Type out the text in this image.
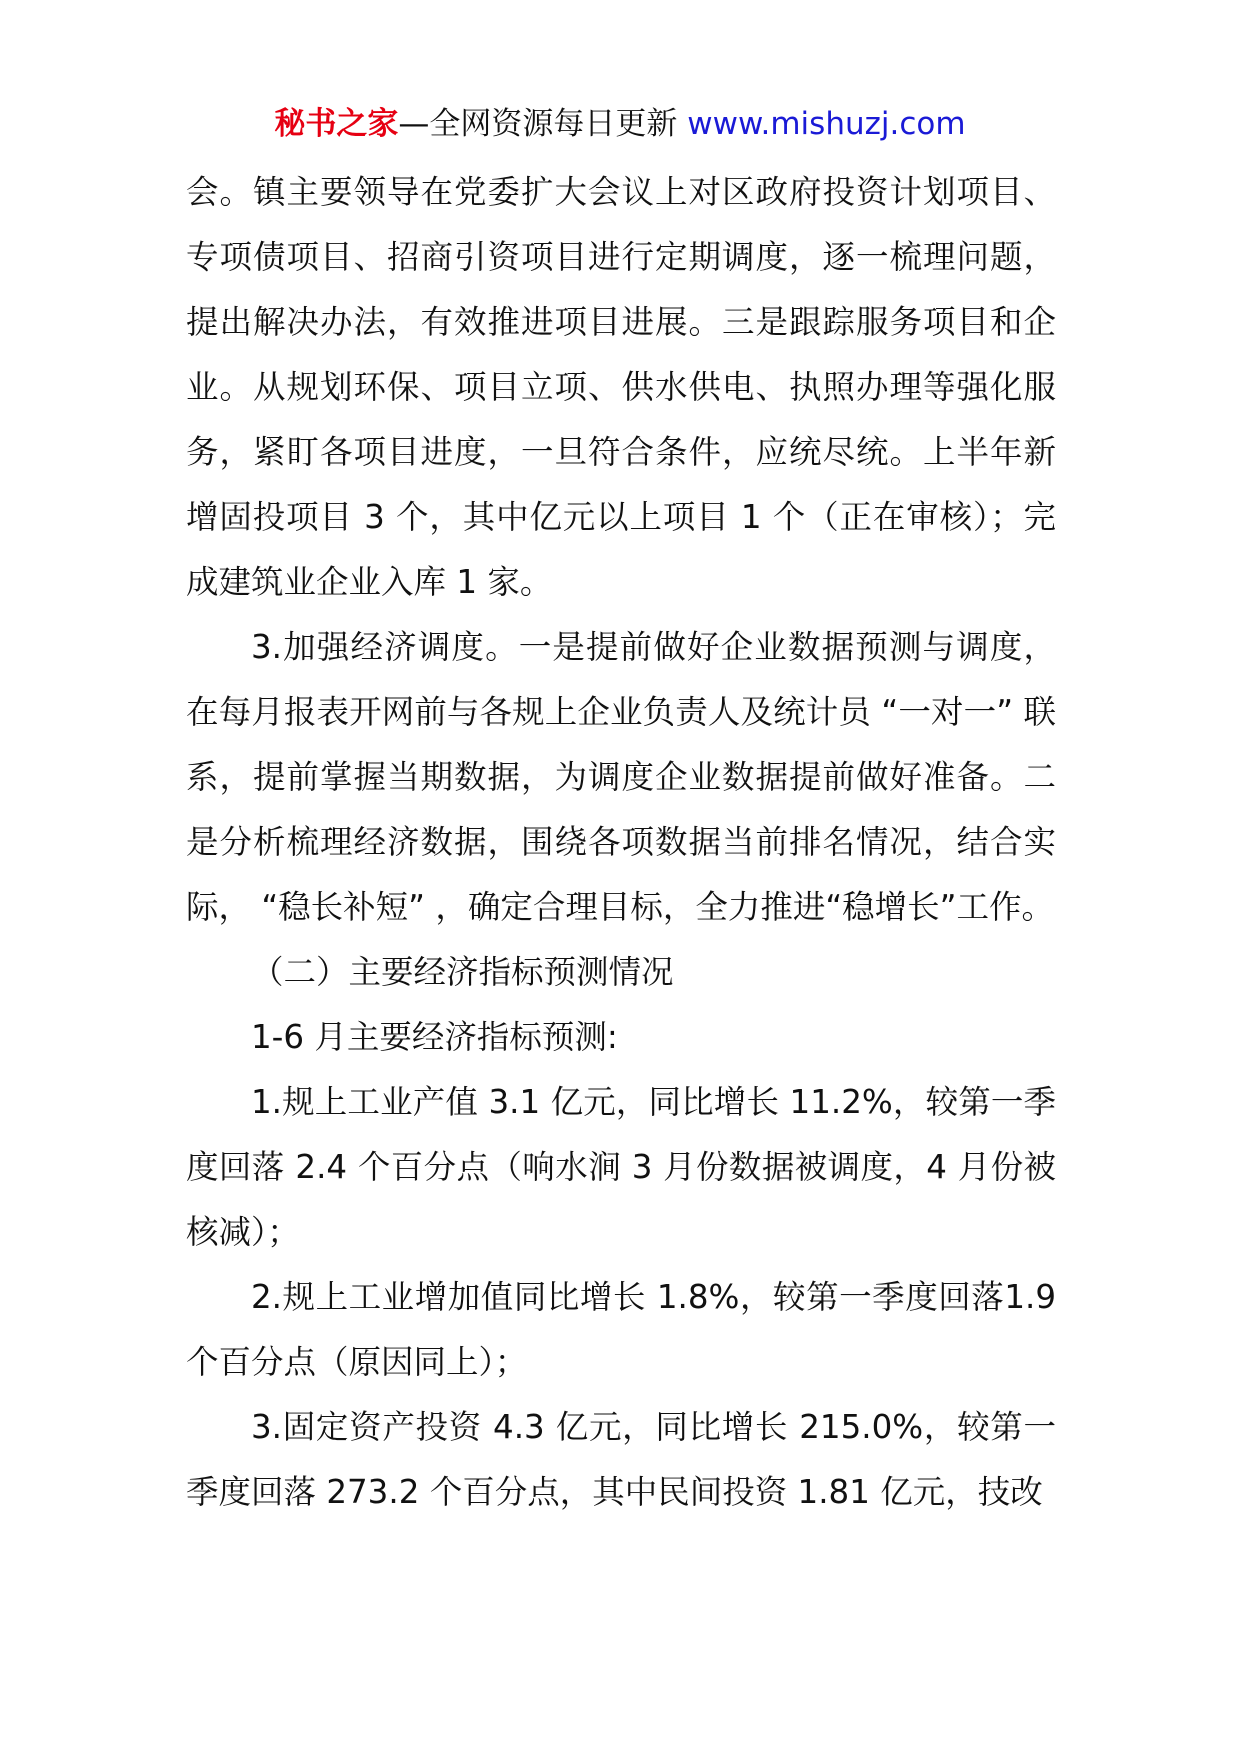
秘书之家—全网资源每日更新 www.mishuzj.com

会。镇主要领导在党委扩大会议上对区政府投资计划项目、专项债项目、招商引资项目进行定期调度，逐一梳理问题，提出解决办法，有效推进项目进展。三是跟踪服务项目和企业。从规划环保、项目立项、供水供电、执照办理等强化服务，紧盯各项目进度，一旦符合条件，应统尽统。上半年新增固投项目 3 个，其中亿元以上项目 1 个（正在审核）；完成建筑业企业入库 1 家。

3.加强经济调度。一是提前做好企业数据预测与调度，在每月报表开网前与各规上企业负责人及统计员 “一对一” 联系，提前掌握当期数据，为调度企业数据提前做好准备。二是分析梳理经济数据，围绕各项数据当前排名情况，结合实际， “稳长补短” ，确定合理目标，全力推进“稳增长”工作。

（二）主要经济指标预测情况

1-6 月主要经济指标预测:

1.规上工业产值 3.1 亿元，同比增长 11.2%，较第一季度回落 2.4 个百分点（响水涧 3 月份数据被调度，4 月份被核减）；

2.规上工业增加值同比增长 1.8%，较第一季度回落1.9 个百分点（原因同上）；

3.固定资产投资 4.3 亿元，同比增长 215.0%，较第一季度回落 273.2 个百分点，其中民间投资 1.81 亿元，技改
